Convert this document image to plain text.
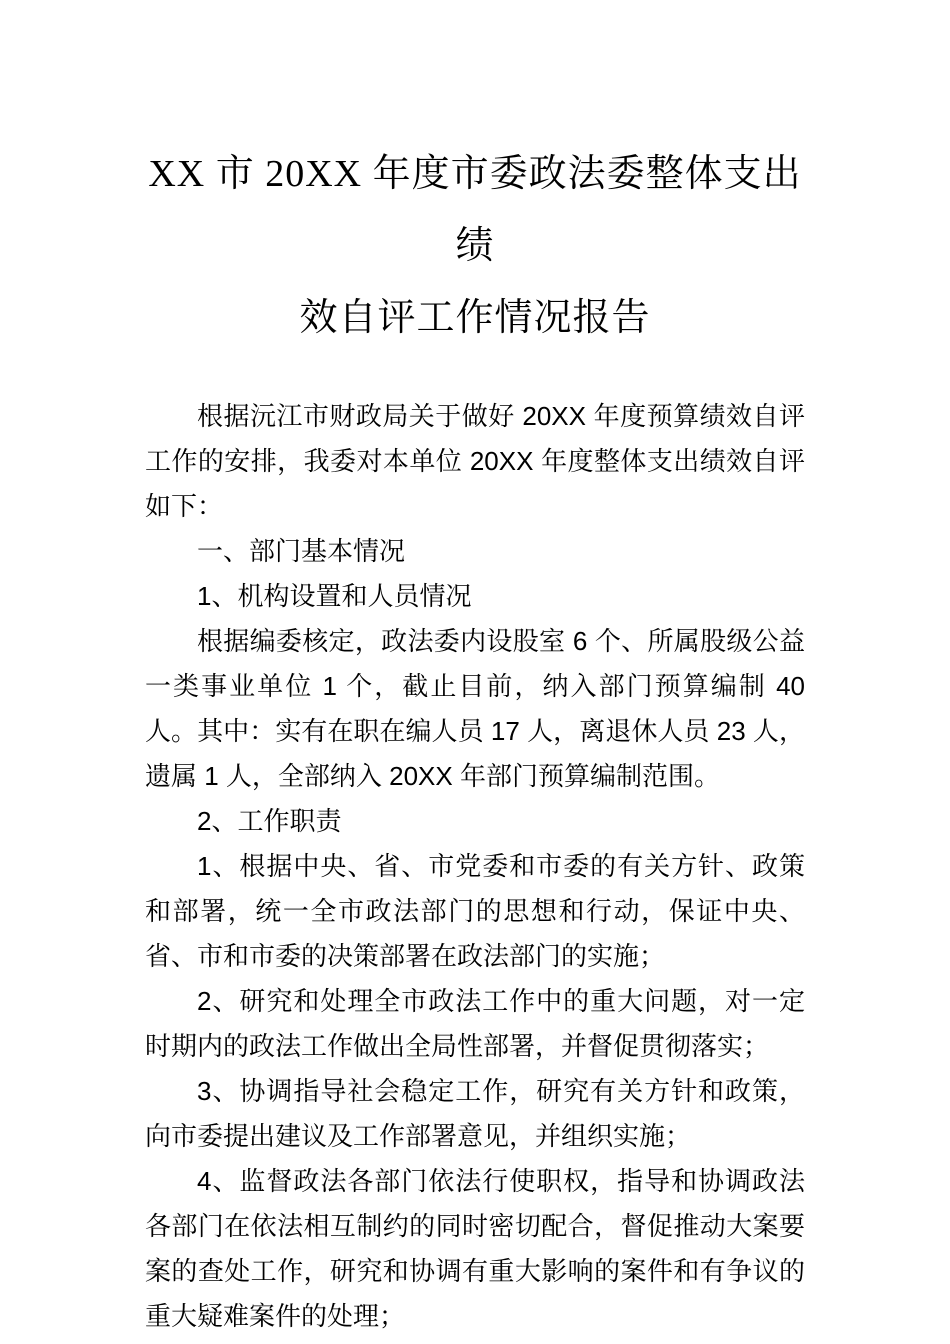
XX 市 20XX 年度市委政法委整体支出绩
效自评工作情况报告

根据沅江市财政局关于做好 20XX 年度预算绩效自评工作的安排，我委对本单位 20XX 年度整体支出绩效自评如下：

一、部门基本情况

1、机构设置和人员情况

根据编委核定，政法委内设股室 6 个、所属股级公益一类事业单位 1 个，截止目前，纳入部门预算编制 40 人。其中：实有在职在编人员 17 人，离退休人员 23 人，遗属 1 人，全部纳入 20XX 年部门预算编制范围。

2、工作职责

1、根据中央、省、市党委和市委的有关方针、政策和部署，统一全市政法部门的思想和行动，保证中央、省、市和市委的决策部署在政法部门的实施；

2、研究和处理全市政法工作中的重大问题，对一定时期内的政法工作做出全局性部署，并督促贯彻落实；

3、协调指导社会稳定工作，研究有关方针和政策，向市委提出建议及工作部署意见，并组织实施；

4、监督政法各部门依法行使职权，指导和协调政法各部门在依法相互制约的同时密切配合，督促推动大案要案的查处工作，研究和协调有重大影响的案件和有争议的重大疑难案件的处理；
